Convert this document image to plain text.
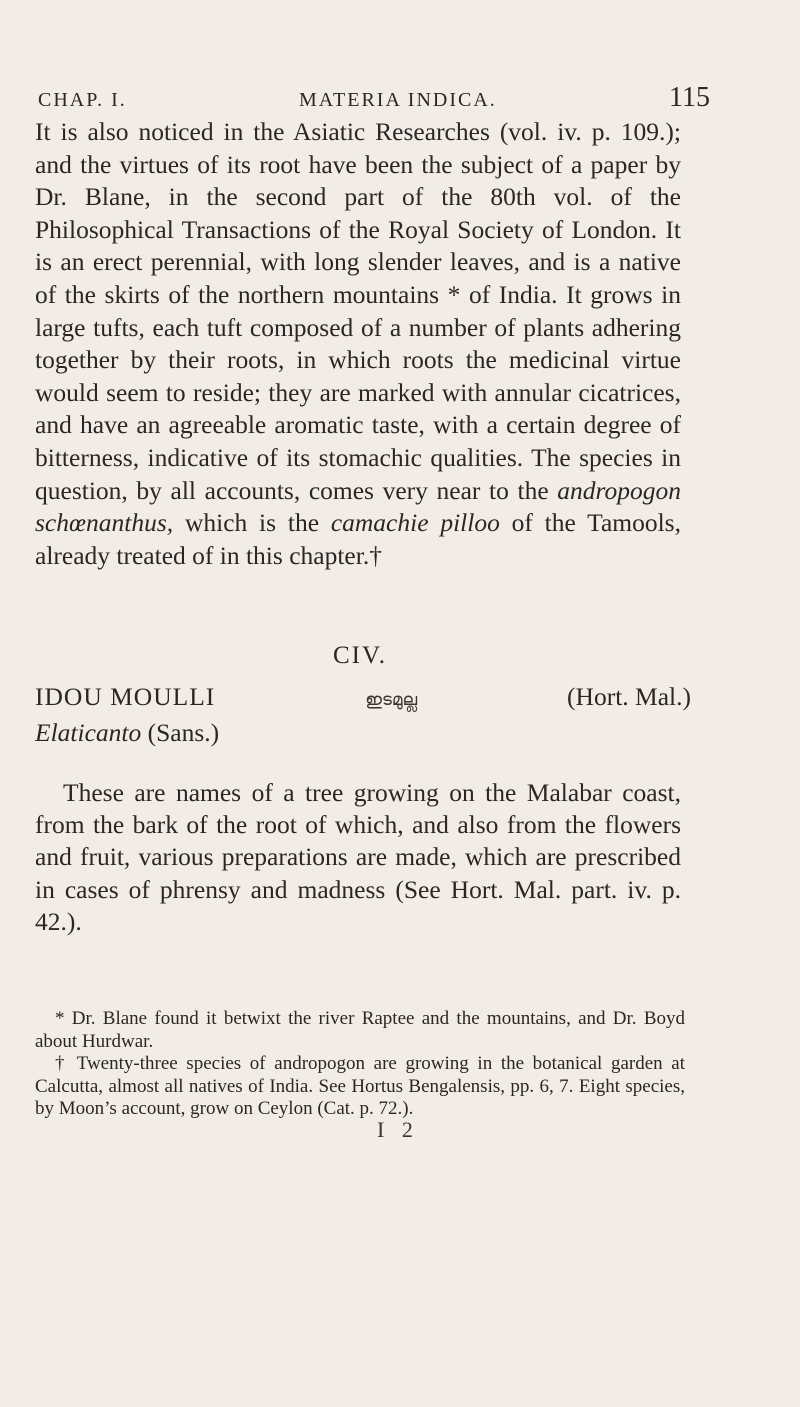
CHAP. I.	MATERIA INDICA.	115

It is also noticed in the Asiatic Researches (vol. iv. p. 109.); and the virtues of its root have been the subject of a paper by Dr. Blane, in the second part of the 80th vol. of the Philosophical Transactions of the Royal Society of London. It is an erect perennial, with long slender leaves, and is a native of the skirts of the northern mountains * of India. It grows in large tufts, each tuft composed of a number of plants adhering together by their roots, in which roots the medicinal virtue would seem to reside; they are marked with annular cicatrices, and have an agreeable aromatic taste, with a certain degree of bitterness, indicative of its stomachic qualities. The species in question, by all accounts, comes very near to the andropogon schœnanthus, which is the camachie pilloo of the Tamools, already treated of in this chapter.†

CIV.
IDOU MOULLI	ഇടമുല്ല	(Hort. Mal.)
Elaticanto (Sans.)

These are names of a tree growing on the Malabar coast, from the bark of the root of which, and also from the flowers and fruit, various preparations are made, which are prescribed in cases of phrensy and madness (See Hort. Mal. part. iv. p. 42.).

* Dr. Blane found it betwixt the river Raptee and the mountains, and Dr. Boyd about Hurdwar.

† Twenty-three species of andropogon are growing in the botanical garden at Calcutta, almost all natives of India. See Hortus Bengalensis, pp. 6, 7. Eight species, by Moon’s account, grow on Ceylon (Cat. p. 72.).

I 2
